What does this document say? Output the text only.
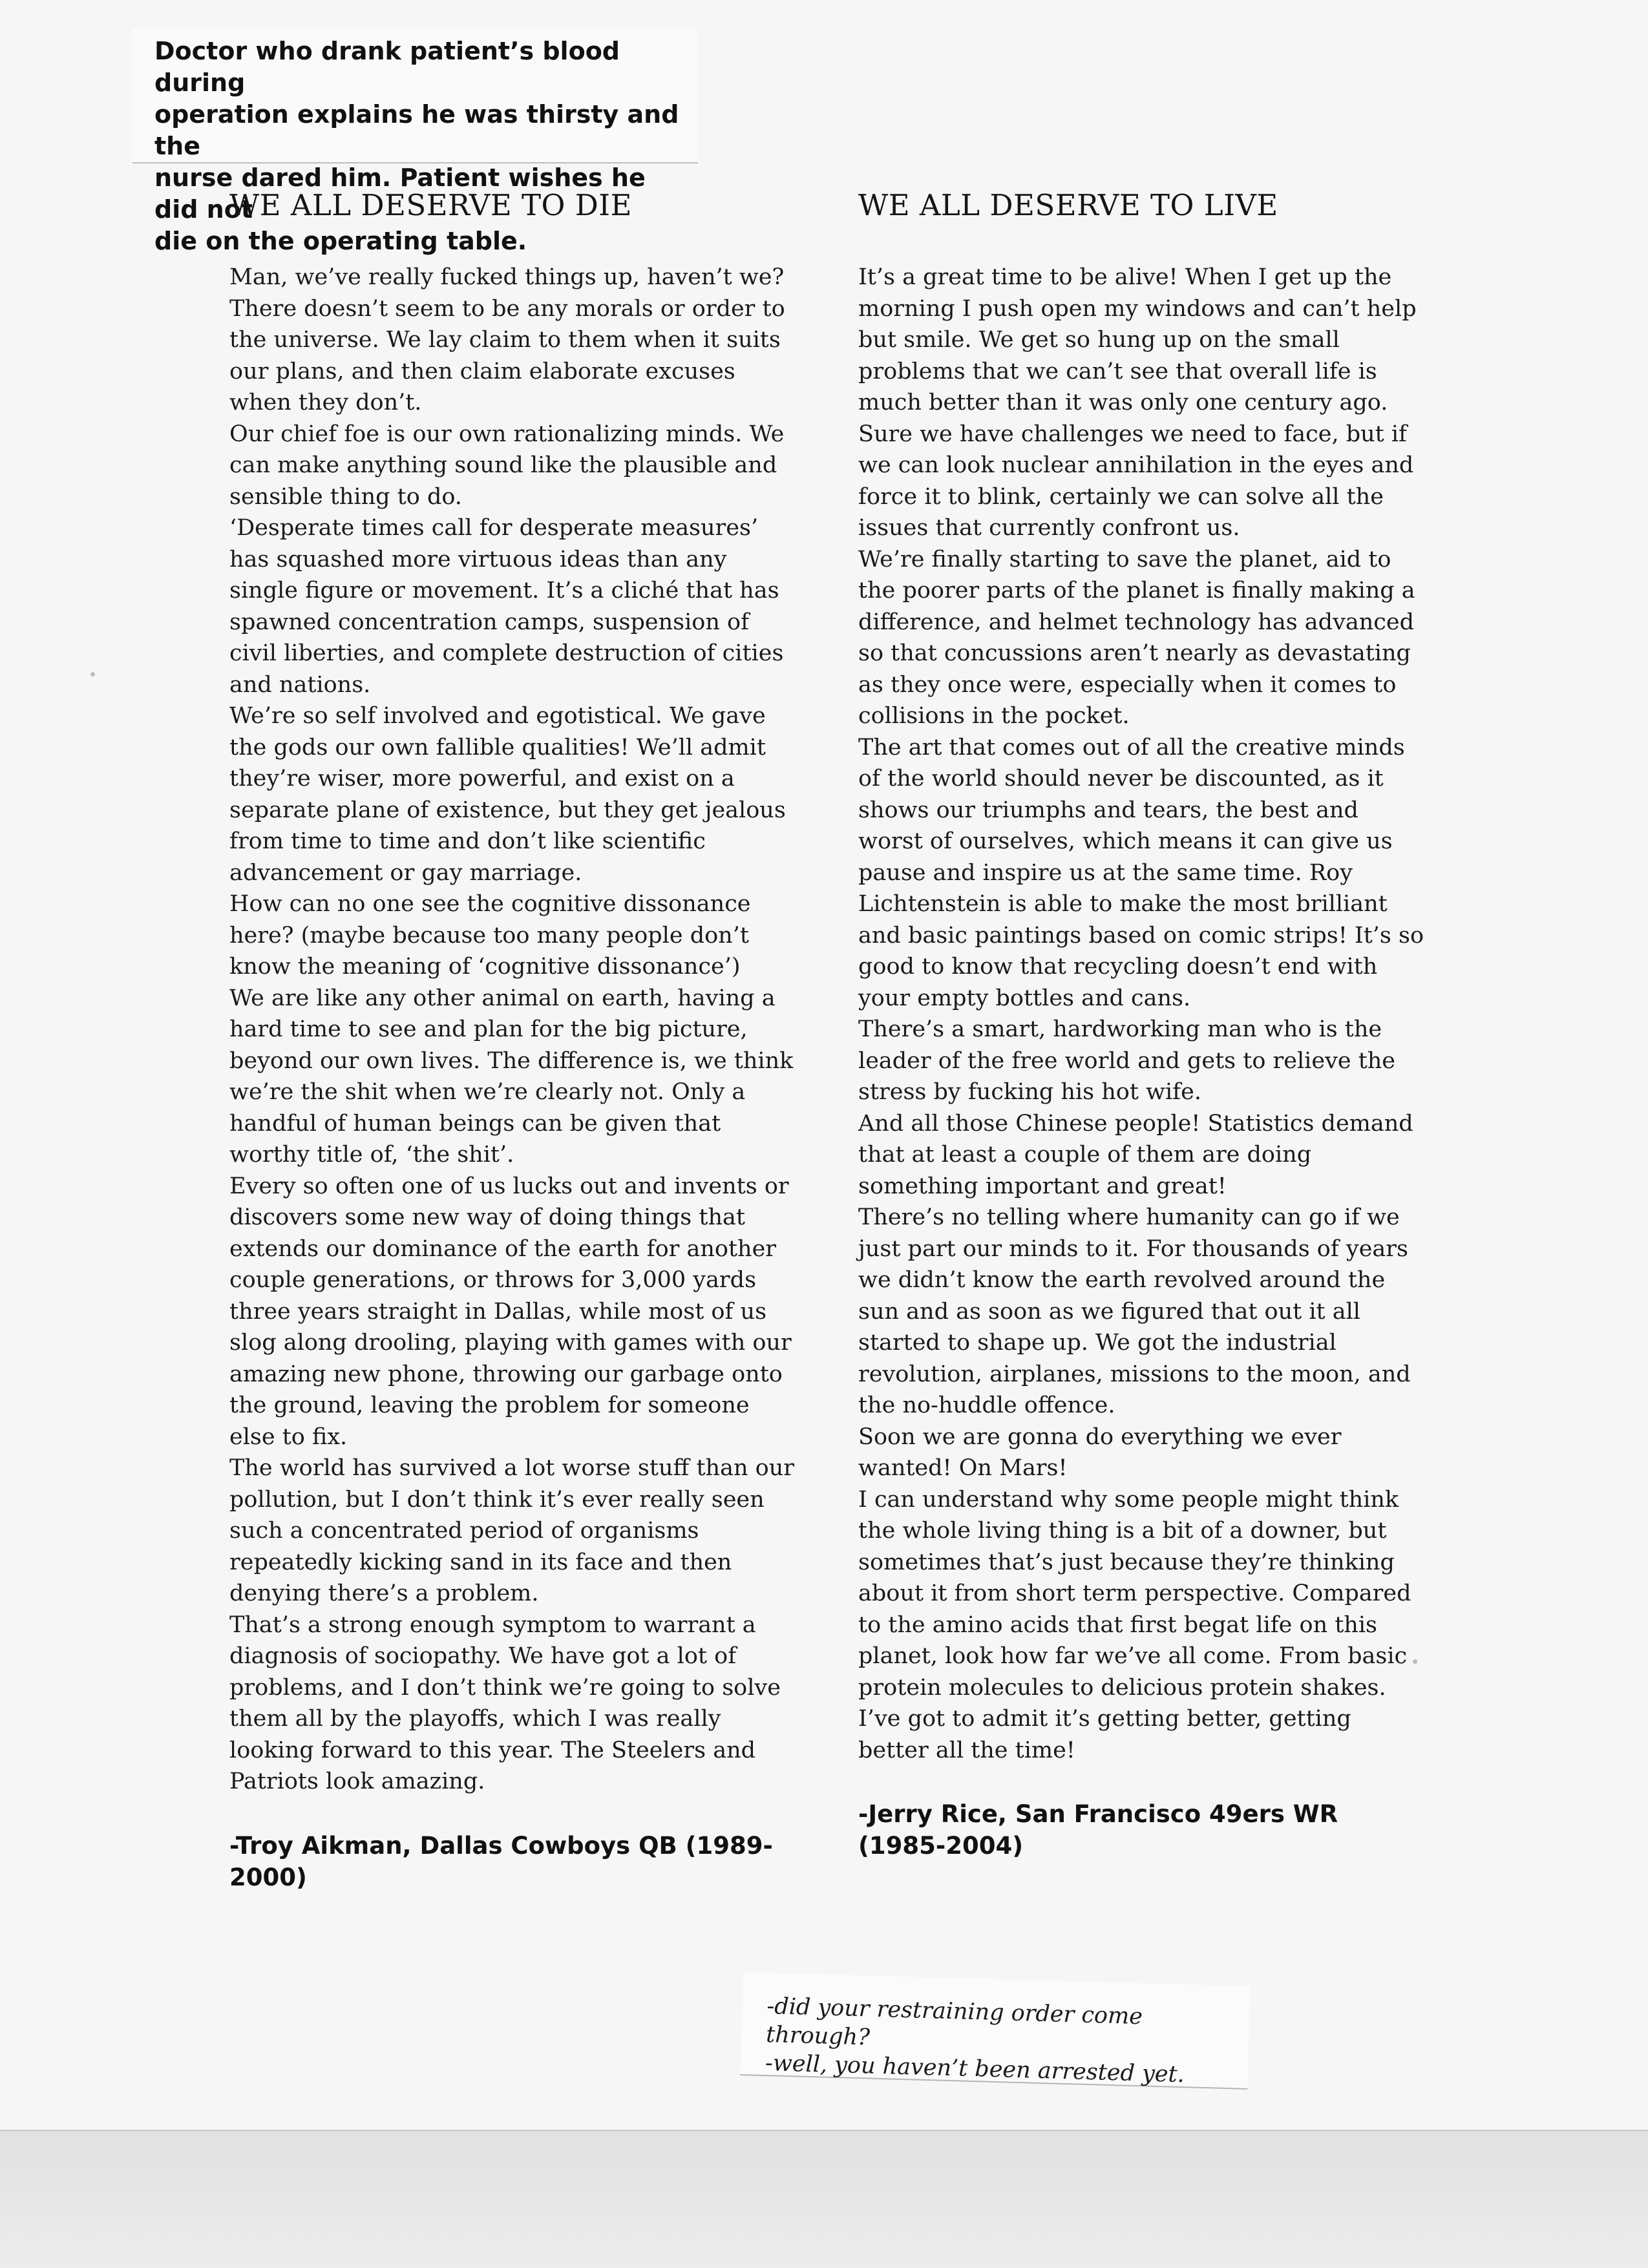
Doctor who drank patient’s blood during

operation explains he was thirsty and the

nurse dared him. Patient wishes he did not

die on the operating table.

WE ALL DESERVE TO DIE

Man, we’ve really fucked things up, haven’t we?

There doesn’t seem to be any morals or order to the universe. We lay claim to them when it suits our plans, and then claim elaborate excuses when they don’t.

Our chief foe is our own rationalizing minds. We can make anything sound like the plausible and sensible thing to do.

‘Desperate times call for desperate measures’ has squashed more virtuous ideas than any single figure or movement. It’s a cliché that has spawned concentration camps, suspension of civil liberties, and complete destruction of cities and nations.

We’re so self involved and egotistical. We gave the gods our own fallible qualities! We’ll admit they’re wiser, more powerful, and exist on a separate plane of existence, but they get jealous from time to time and don’t like scientific advancement or gay marriage.

How can no one see the cognitive dissonance here? (maybe because too many people don’t know the meaning of ‘cognitive dissonance’)

We are like any other animal on earth, having a hard time to see and plan for the big picture, beyond our own lives. The difference is, we think we’re the shit when we’re clearly not. Only a handful of human beings can be given that worthy title of, ‘the shit’.

Every so often one of us lucks out and invents or discovers some new way of doing things that extends our dominance of the earth for another couple generations, or throws for 3,000 yards three years straight in Dallas, while most of us slog along drooling, playing with games with our amazing new phone, throwing our garbage onto the ground, leaving the problem for someone else to fix.

The world has survived a lot worse stuff than our pollution, but I don’t think it’s ever really seen such a concentrated period of organisms repeatedly kicking sand in its face and then denying there’s a problem.

That’s a strong enough symptom to warrant a diagnosis of sociopathy. We have got a lot of problems, and I don’t think we’re going to solve them all by the playoffs, which I was really looking forward to this year. The Steelers and Patriots look amazing.

-Troy Aikman, Dallas Cowboys QB (1989-2000)
WE ALL DESERVE TO LIVE

It’s a great time to be alive! When I get up the morning I push open my windows and can’t help but smile. We get so hung up on the small problems that we can’t see that overall life is much better than it was only one century ago. Sure we have challenges we need to face, but if we can look nuclear annihilation in the eyes and force it to blink, certainly we can solve all the issues that currently confront us.

We’re finally starting to save the planet, aid to the poorer parts of the planet is finally making a difference, and helmet technology has advanced so that concussions aren’t nearly as devastating as they once were, especially when it comes to collisions in the pocket.

The art that comes out of all the creative minds of the world should never be discounted, as it shows our triumphs and tears, the best and worst of ourselves, which means it can give us pause and inspire us at the same time. Roy Lichtenstein is able to make the most brilliant and basic paintings based on comic strips! It’s so good to know that recycling doesn’t end with your empty bottles and cans.

There’s a smart, hardworking man who is the leader of the free world and gets to relieve the stress by fucking his hot wife.

And all those Chinese people! Statistics demand that at least a couple of them are doing something important and great!

There’s no telling where humanity can go if we just part our minds to it. For thousands of years we didn’t know the earth revolved around the sun and as soon as we figured that out it all started to shape up. We got the industrial revolution, airplanes, missions to the moon, and the no-huddle offence.

Soon we are gonna do everything we ever wanted! On Mars!

I can understand why some people might think the whole living thing is a bit of a downer, but sometimes that’s just because they’re thinking about it from short term perspective. Compared to the amino acids that first begat life on this planet, look how far we’ve all come. From basic protein molecules to delicious protein shakes.

I’ve got to admit it’s getting better, getting better all the time!

-Jerry Rice, San Francisco 49ers WR (1985-2004)

-did your restraining order come through?

-well, you haven’t been arrested yet.
